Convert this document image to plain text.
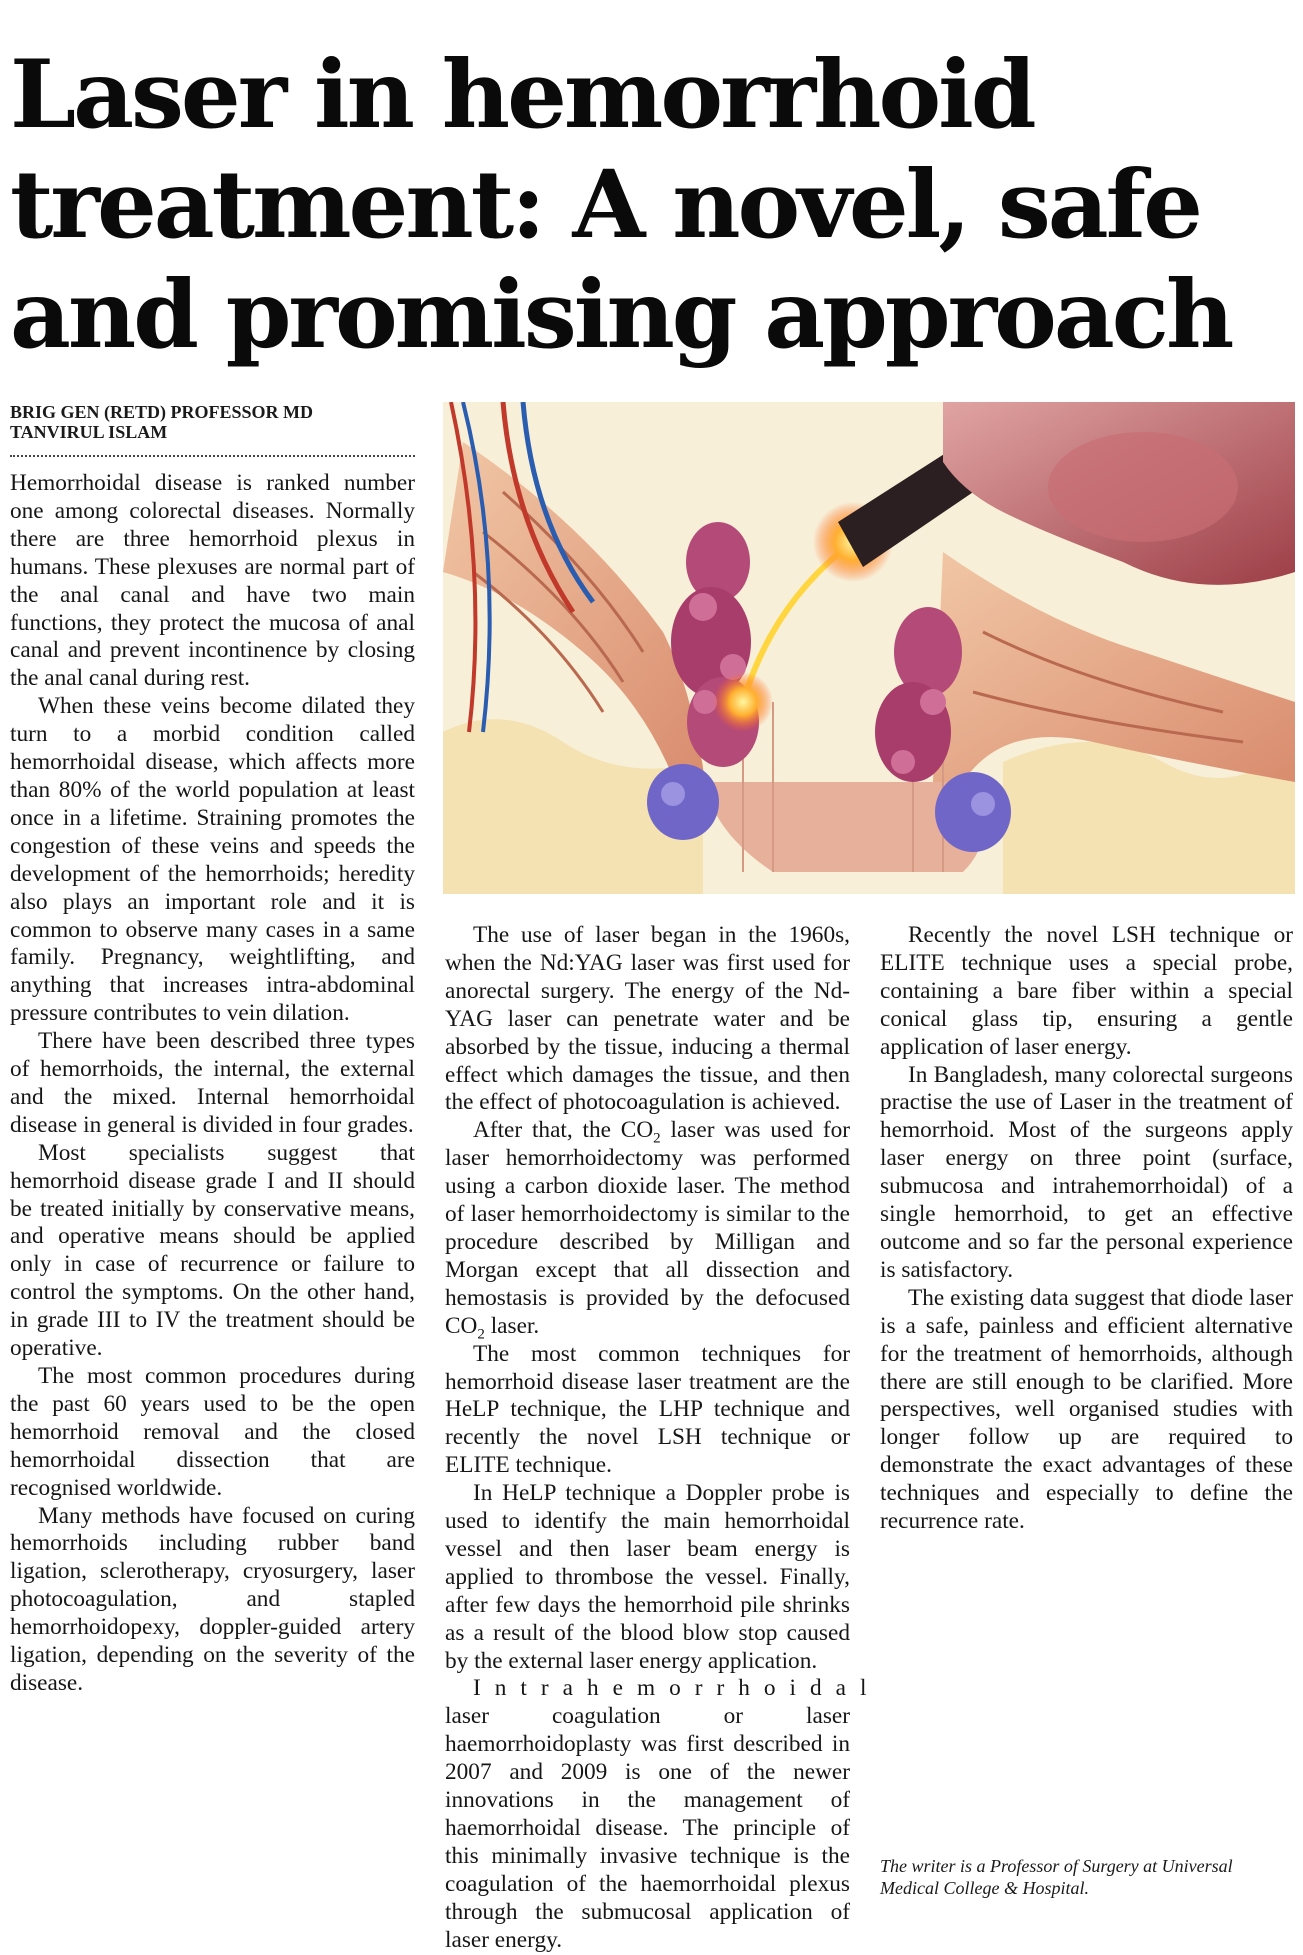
Laser in hemorrhoid
treatment: A novel, safe
and promising approach
BRIG GEN (RETD) PROFESSOR MD
TANVIRUL ISLAM

Hemorrhoidal disease is ranked number one among colorectal diseases. Normally there are three hemorrhoid plexus in humans. These plexuses are normal part of the anal canal and have two main functions, they protect the mucosa of anal canal and prevent incontinence by closing the anal canal during rest.

When these veins become dilated they turn to a morbid condition called hemorrhoidal disease, which affects more than 80% of the world population at least once in a lifetime. Straining promotes the congestion of these veins and speeds the development of the hemorrhoids; heredity also plays an important role and it is common to observe many cases in a same family. Pregnancy, weightlifting, and anything that increases intra-abdominal pressure contributes to vein dilation.

There have been described three types of hemorrhoids, the internal, the external and the mixed. Internal hemorrhoidal disease in general is divided in four grades.

Most specialists suggest that hemorrhoid disease grade I and II should be treated initially by conservative means, and operative means should be applied only in case of recurrence or failure to control the symptoms. On the other hand, in grade III to IV the treatment should be operative.

The most common procedures during the past 60 years used to be the open hemorrhoid removal and the closed hemorrhoidal dissection that are recognised worldwide.

Many methods have focused on curing hemorrhoids including rubber band ligation, sclerotherapy, cryosurgery, laser photocoagulation, and stapled hemorrhoidopexy, doppler-guided artery ligation, depending on the severity of the disease.

The use of laser began in the 1960s, when the Nd:YAG laser was first used for anorectal surgery. The energy of the Nd-YAG laser can penetrate water and be absorbed by the tissue, inducing a thermal effect which damages the tissue, and then the effect of photocoagulation is achieved.

After that, the $CO_2$ laser was used for laser hemorrhoidectomy was performed using a carbon dioxide laser. The method of laser hemorrhoidectomy is similar to the procedure described by Milligan and Morgan except that all dissection and hemostasis is provided by the defocused $CO_2$ laser.

The most common techniques for hemorrhoid disease laser treatment are the HeLP technique, the LHP technique and recently the novel LSH technique or ELITE technique.

In HeLP technique a Doppler probe is used to identify the main hemorrhoidal vessel and then laser beam energy is applied to thrombose the vessel. Finally, after few days the hemorrhoid pile shrinks as a result of the blood blow stop caused by the external laser energy application.

Intrahemorrhoidal laser coagulation or laser haemorrhoidoplasty was first described in 2007 and 2009 is one of the newer innovations in the management of haemorrhoidal disease. The principle of this minimally invasive technique is the coagulation of the haemorrhoidal plexus through the submucosal application of laser energy.

Recently the novel LSH technique or ELITE technique uses a special probe, containing a bare fiber within a special conical glass tip, ensuring a gentle application of laser energy.

In Bangladesh, many colorectal surgeons practise the use of Laser in the treatment of hemorrhoid. Most of the surgeons apply laser energy on three point (surface, submucosa and intrahemorrhoidal) of a single hemorrhoid, to get an effective outcome and so far the personal experience is satisfactory.

The existing data suggest that diode laser is a safe, painless and efficient alternative for the treatment of hemorrhoids, although there are still enough to be clarified. More perspectives, well organised studies with longer follow up are required to demonstrate the exact advantages of these techniques and especially to define the recurrence rate.

The writer is a Professor of Surgery at Universal Medical College & Hospital.
